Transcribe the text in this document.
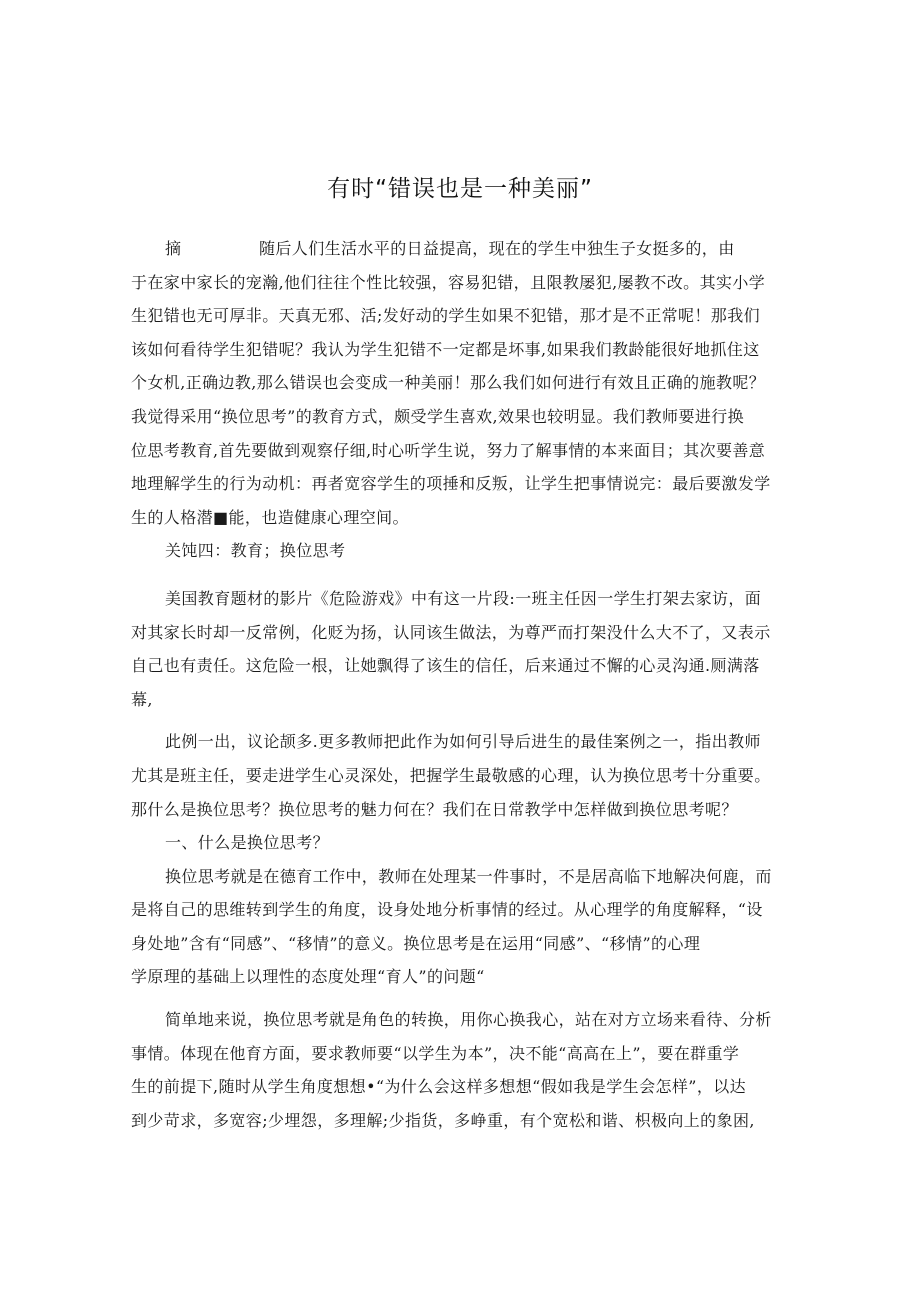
有时“错误也是一种美丽”
摘	随后人们生活水平的日益提高，现在的学生中独生子女挺多的，由
于在家中家长的宠瀚,他们往往个性比较强，容易犯错，且限教屡犯,屡教不改。其实小学
生犯错也无可厚非。天真无邪、活;发好动的学生如果不犯错，那才是不正常呢！那我们
该如何看待学生犯错呢？我认为学生犯错不一定都是坏事,如果我们教龄能很好地抓住这
个女机,正确边教,那么错误也会变成一种美丽！那么我们如何进行有效且正确的施教呢？
我觉得采用“换位思考”的教育方式，颇受学生喜欢,效果也较明显。我们教师要进行换
位思考教育,首先要做到观察仔细,时心听学生说，努力了解事情的本来面目；其次要善意
地理解学生的行为动机：再者宽容学生的项捶和反叛，让学生把事情说完：最后要激发学
生的人格潜■能，也造健康心理空间。
关饨四：教育；换位思考
美国教育题材的影片《危险游戏》中有这一片段:一班主任因一学生打架去家访，面
对其家长时却一反常例，化贬为扬，认同该生做法，为尊严而打架没什么大不了，又表示
自己也有责任。这危险一根，让她飘得了该生的信任，后来通过不懈的心灵沟通.厕满落
幕,
此例一出，议论颉多.更多教师把此作为如何引导后进生的最佳案例之一，指出教师
尤其是班主任，要走进学生心灵深处，把握学生最敬感的心理，认为换位思考十分重要。
那什么是换位思考？换位思考的魅力何在？我们在日常教学中怎样做到换位思考呢？
一、什么是换位思考？
换位思考就是在德育工作中，教师在处理某一件事时，不是居高临下地解决何鹿，而
是将自己的思维转到学生的角度，设身处地分析事情的经过。从心理学的角度解释，“设
身处地”含有“同感”、“移情”的意义。换位思考是在运用“同感”、“移情”的心理
学原理的基础上以理性的态度处理“育人”的问题“
简单地来说，换位思考就是角色的转换，用你心换我心，站在对方立场来看待、分析
事情。体现在他育方面，要求教师要“以学生为本”，决不能“高高在上”，要在群重学
生的前提下,随时从学生角度想想•“为什么会这样多想想“假如我是学生会怎样”，以达
到少苛求，多宽容;少埋怨，多理解;少指货，多峥重，有个宽松和谐、枳极向上的象困,
